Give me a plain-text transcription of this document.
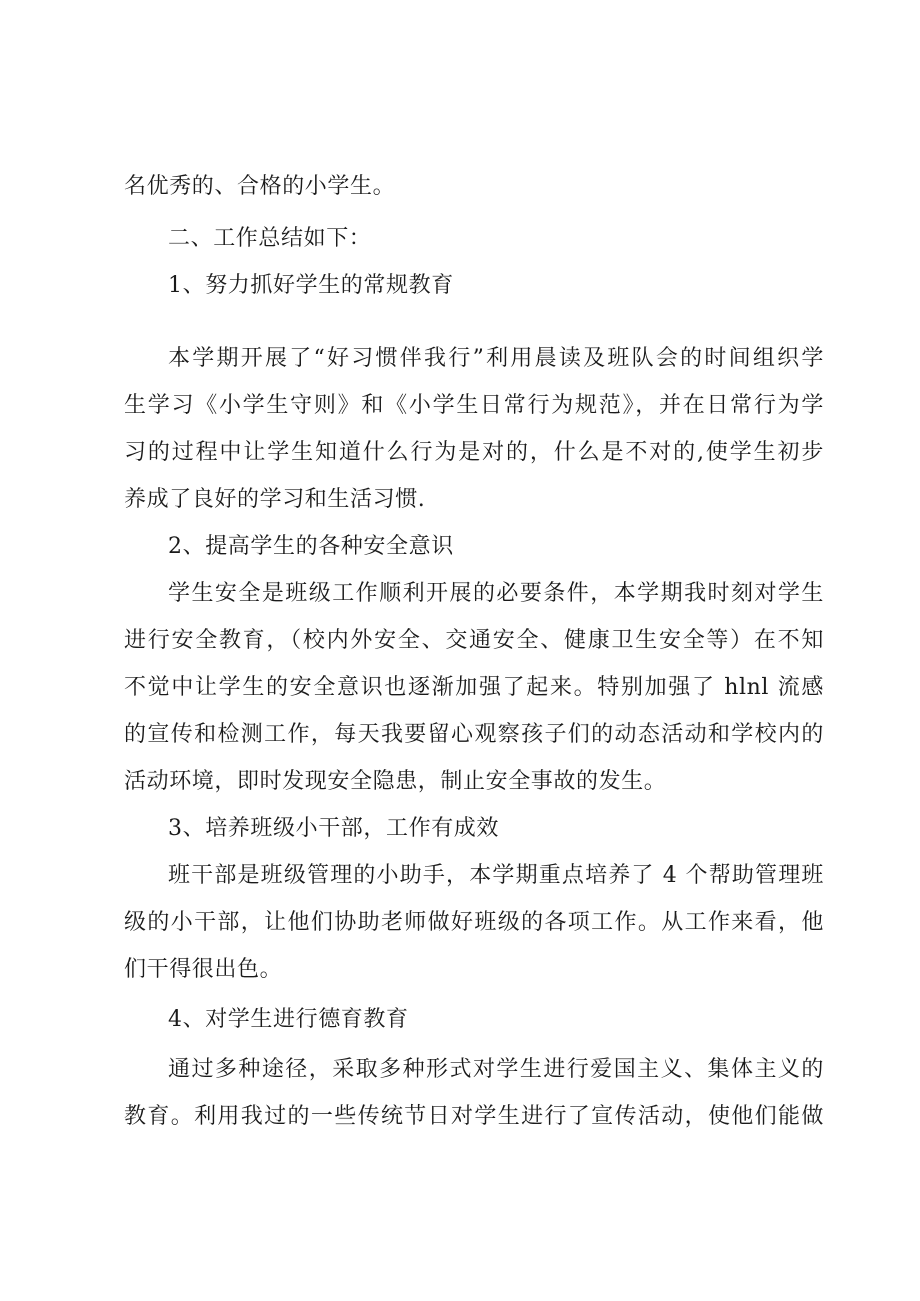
名优秀的、合格的小学生。
二、工作总结如下：
1、努力抓好学生的常规教育
本学期开展了“好习惯伴我行”利用晨读及班队会的时间组织学
生学习《小学生守则》和《小学生日常行为规范》，并在日常行为学
习的过程中让学生知道什么行为是对的，什么是不对的,使学生初步
养成了良好的学习和生活习惯.
2、提高学生的各种安全意识
学生安全是班级工作顺利开展的必要条件，本学期我时刻对学生
进行安全教育，（校内外安全、交通安全、健康卫生安全等）在不知
不觉中让学生的安全意识也逐渐加强了起来。特别加强了 hlnl 流感
的宣传和检测工作，每天我要留心观察孩子们的动态活动和学校内的
活动环境，即时发现安全隐患，制止安全事故的发生。
3、培养班级小干部，工作有成效
班干部是班级管理的小助手，本学期重点培养了 4 个帮助管理班
级的小干部，让他们协助老师做好班级的各项工作。从工作来看，他
们干得很出色。
4、对学生进行德育教育
通过多种途径，采取多种形式对学生进行爱国主义、集体主义的
教育。利用我过的一些传统节日对学生进行了宣传活动，使他们能做
